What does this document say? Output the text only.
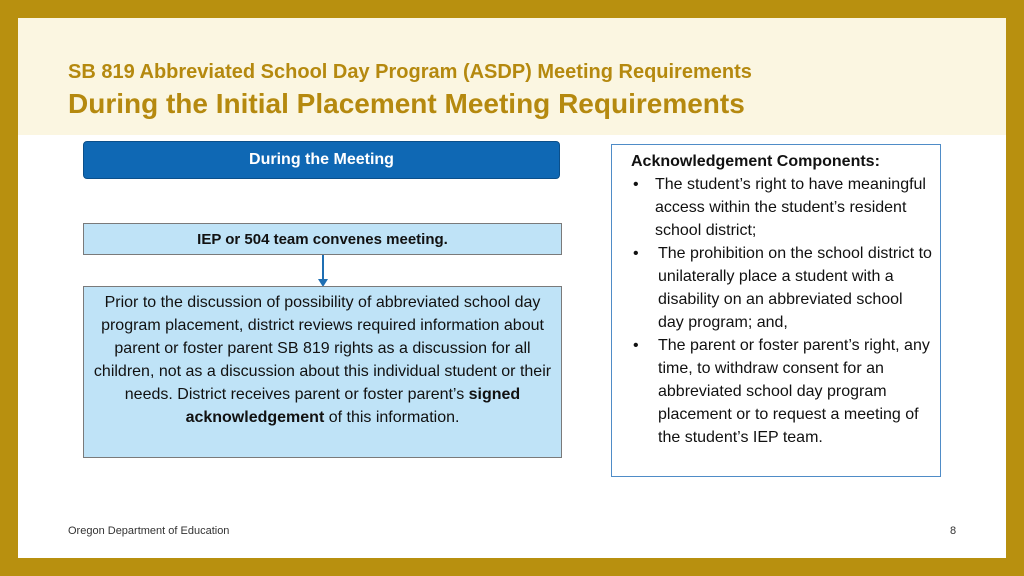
SB 819 Abbreviated School Day Program (ASDP) Meeting Requirements
During the Initial Placement Meeting Requirements
During the Meeting
IEP or 504 team convenes meeting.
Prior to the discussion of possibility of abbreviated school day program placement, district reviews required information about parent or foster parent SB 819 rights as a discussion for all children, not as a discussion about this individual student or their needs. District receives parent or foster parent’s signed acknowledgement of this information.
Acknowledgement Components:
• The student’s right to have meaningful access within the student’s resident school district;
• The prohibition on the school district to unilaterally place a student with a disability on an abbreviated school day program; and,
• The parent or foster parent’s right, any time, to withdraw consent for an abbreviated school day program placement or to request a meeting of the student’s IEP team.
Oregon Department of Education	8
